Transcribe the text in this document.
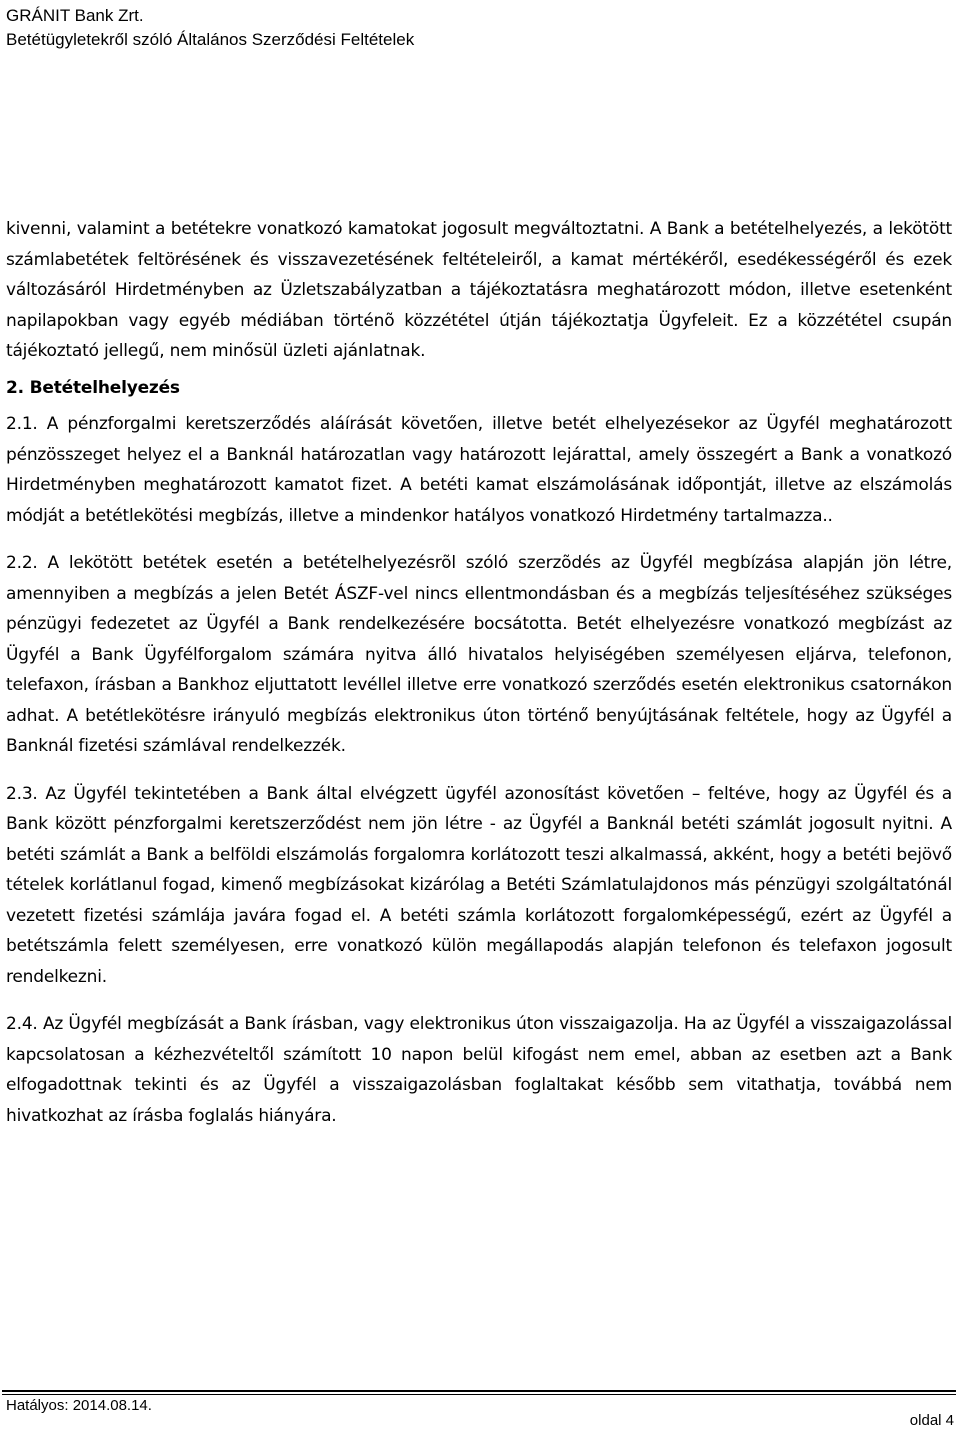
GRÁNIT Bank Zrt.
Betétügyletekről szóló Általános Szerződési Feltételek

kivenni, valamint a betétekre vonatkozó kamatokat jogosult megváltoztatni. A Bank a betételhelyezés, a lekötött számlabetétek feltörésének és visszavezetésének feltételeiről, a kamat mértékéről, esedékességéről és ezek változásáról Hirdetményben az Üzletszabályzatban a tájékoztatásra meghatározott módon, illetve esetenként napilapokban vagy egyéb médiában történõ közzététel útján tájékoztatja Ügyfeleit. Ez a közzététel csupán tájékoztató jellegű, nem minősül üzleti ajánlatnak.

2. Betételhelyezés

2.1. A pénzforgalmi keretszerződés aláírását követően, illetve betét elhelyezésekor az Ügyfél meghatározott pénzösszeget helyez el a Banknál határozatlan vagy határozott lejárattal, amely összegért a Bank a vonatkozó Hirdetményben meghatározott kamatot fizet. A betéti kamat elszámolásának időpontját, illetve az elszámolás módját a betétlekötési megbízás, illetve a mindenkor hatályos vonatkozó Hirdetmény tartalmazza..

2.2. A lekötött betétek esetén a betételhelyezésrõl szóló szerzõdés az Ügyfél megbízása alapján jön létre, amennyiben a megbízás a jelen Betét ÁSZF-vel nincs ellentmondásban és a megbízás teljesítéséhez szükséges pénzügyi fedezetet az Ügyfél a Bank rendelkezésére bocsátotta. Betét elhelyezésre vonatkozó megbízást az Ügyfél a Bank Ügyfélforgalom számára nyitva álló hivatalos helyiségében személyesen eljárva, telefonon, telefaxon, írásban a Bankhoz eljuttatott levéllel illetve erre vonatkozó szerződés esetén elektronikus csatornákon adhat. A betétlekötésre irányuló megbízás elektronikus úton történő benyújtásának feltétele, hogy az Ügyfél a Banknál fizetési számlával rendelkezzék.

2.3. Az Ügyfél tekintetében a Bank által elvégzett ügyfél azonosítást követően – feltéve, hogy az Ügyfél és a Bank között pénzforgalmi keretszerződést nem jön létre - az Ügyfél a Banknál betéti számlát jogosult nyitni. A betéti számlát a Bank a belföldi elszámolás forgalomra korlátozott teszi alkalmassá, akként, hogy a betéti bejövő tételek korlátlanul fogad, kimenő megbízásokat kizárólag a Betéti Számlatulajdonos más pénzügyi szolgáltatónál vezetett fizetési számlája javára fogad el. A betéti számla korlátozott forgalomképességű, ezért az Ügyfél a betétszámla felett személyesen, erre vonatkozó külön megállapodás alapján telefonon és telefaxon jogosult rendelkezni.

2.4. Az Ügyfél megbízását a Bank írásban, vagy elektronikus úton visszaigazolja. Ha az Ügyfél a visszaigazolással kapcsolatosan a kézhezvételtől számított 10 napon belül kifogást nem emel, abban az esetben azt a Bank elfogadottnak tekinti és az Ügyfél a visszaigazolásban foglaltakat később sem vitathatja, továbbá nem hivatkozhat az írásba foglalás hiányára.

Hatályos: 2014.08.14.
oldal 4
